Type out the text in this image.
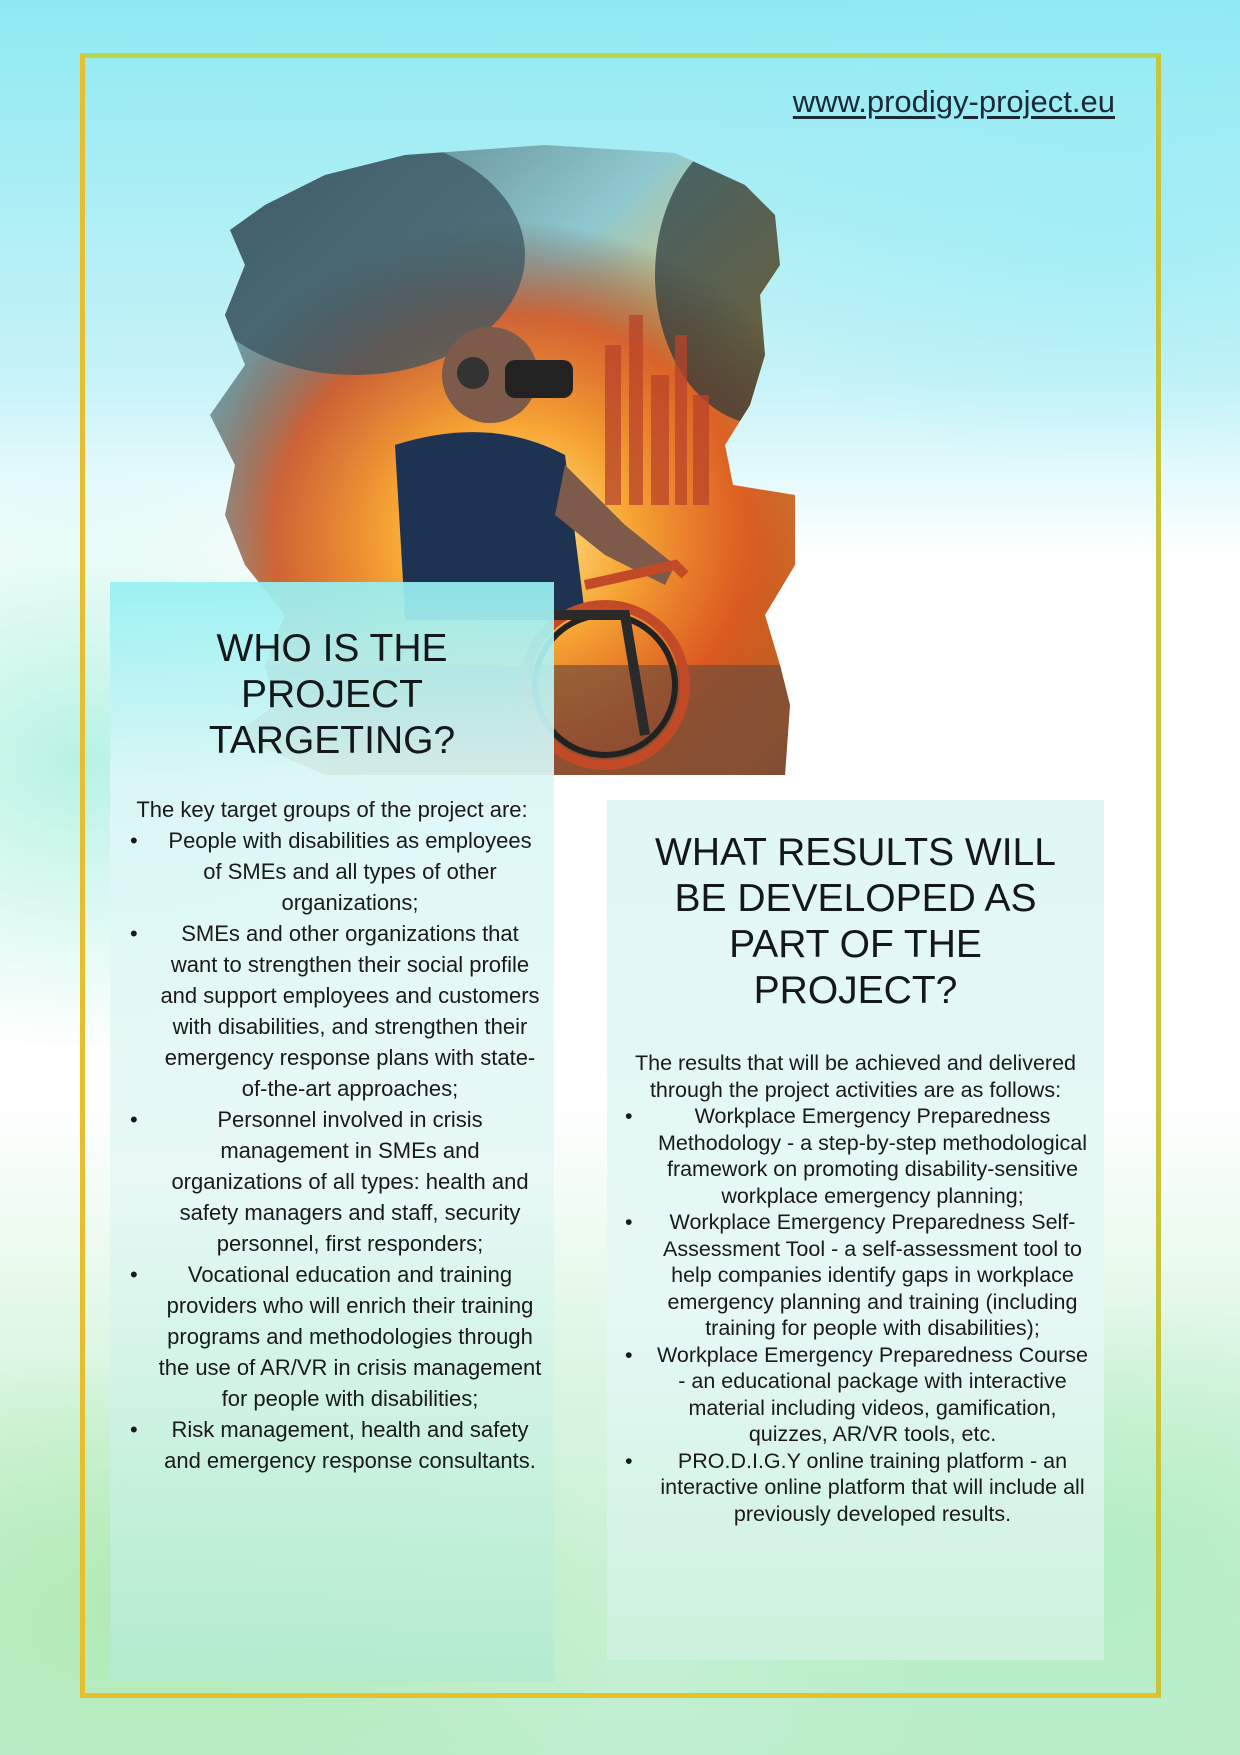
www.prodigy-project.eu
WHO IS THE PROJECT TARGETING?

The key target groups of the project are:

• People with disabilities as employees of SMEs and all types of other organizations;
• SMEs and other organizations that want to strengthen their social profile and support employees and customers with disabilities, and strengthen their emergency response plans with state-of-the-art approaches;
•	Personnel involved in crisis management in SMEs and organizations of all types: health and safety managers and staff, security personnel, first responders;
• Vocational education and training providers who will enrich their training programs and methodologies through the use of AR/VR in crisis management for people with disabilities;
• Risk management, health and safety and emergency response consultants.
WHAT RESULTS WILL BE DEVELOPED AS PART OF THE PROJECT?

The results that will be achieved and delivered through the project activities are as follows:

•	Workplace Emergency Preparedness Methodology - a step-by-step methodological framework on promoting disability-sensitive workplace emergency planning;
• Workplace Emergency Preparedness Self-Assessment Tool - a self-assessment tool to help companies identify gaps in workplace emergency planning and training (including training for people with disabilities);
• Workplace Emergency Preparedness Course - an educational package with interactive material including videos, gamification, quizzes, AR/VR tools, etc.
• PRO.D.I.G.Y online training platform - an interactive online platform that will include all previously developed results.
